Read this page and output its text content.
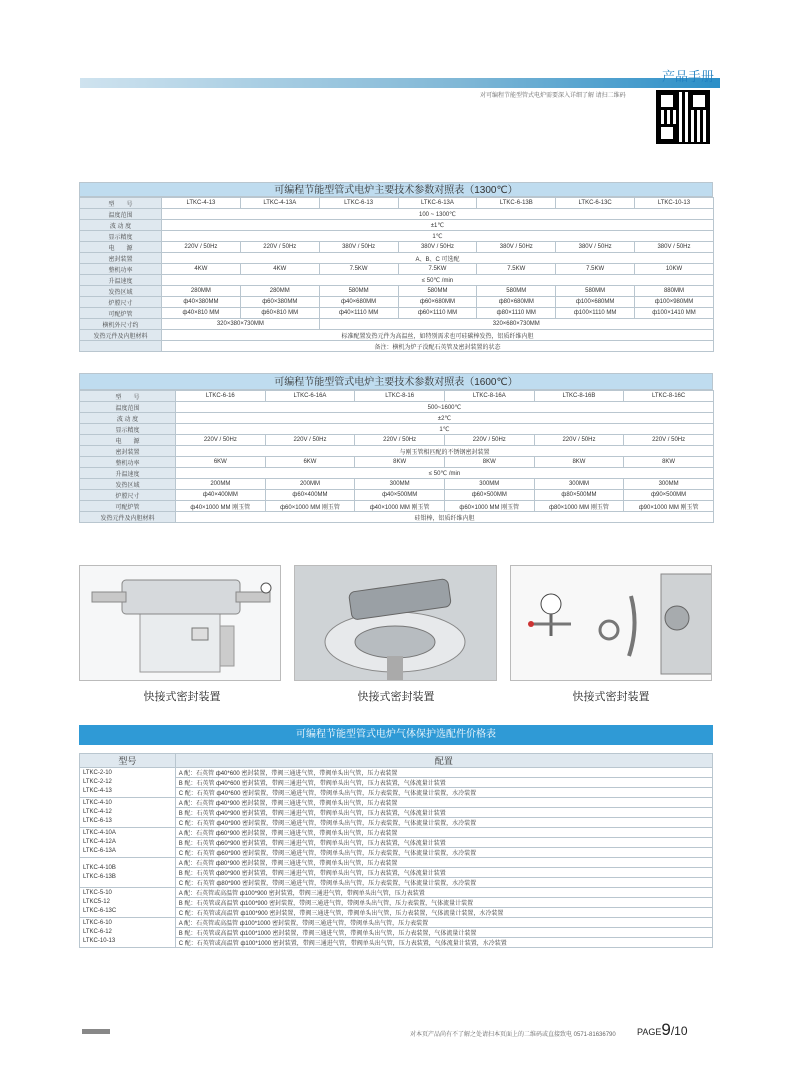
产品手册
对可编程节能型管式电炉需要深入详细了解 请扫二维码
可编程节能型管式电炉主要技术参数对照表（1300℃）
型　　号	LTKC-4-13	LTKC-4-13A	LTKC-6-13	LTKC-6-13A	LTKC-6-13B	LTKC-6-13C	LTKC-10-13
温度范围	100 ~ 1300℃						
波 动 度	±1℃						
显示精度	1℃						
电　　源	220V / 50Hz	220V / 50Hz	380V / 50Hz	380V / 50Hz	380V / 50Hz	380V / 50Hz	380V / 50Hz
密封装置	A、B、C 可选配						
整机功率	4KW	4KW	7.5KW	7.5KW	7.5KW	7.5KW	10KW
升温速度	≤ 50℃ /min						
发热区域	280MM	280MM	580MM	580MM	580MM	580MM	880MM
炉膛尺寸	ф40×380MM	ф60×380MM	ф40×680MM	ф60×680MM	ф80×680MM	ф100×680MM	ф100×980MM
可配炉管	ф40×810 MM	ф60×810 MM	ф40×1110 MM	ф60×1110 MM	ф80×1110 MM	ф100×1110 MM	ф100×1410 MM
横机外尺寸约	320×380×730MM		320×680×730MM				
发热元件及内胆材料	标准配置发热元件为高温丝，如特别需求也可硅碳棒发热，铝质纤维内胆						
	备注：横机为炉子没配石英管及密封装置的状态						
可编程节能型管式电炉主要技术参数对照表（1600℃）
型　　号	LTKC-6-16	LTKC-6-16A	LTKC-8-16	LTKC-8-16A	LTKC-8-16B	LTKC-8-16C
温度范围	500~1600℃					
波 动 度	±2℃					
显示精度	1℃					
电　　源	220V / 50Hz	220V / 50Hz	220V / 50Hz	220V / 50Hz	220V / 50Hz	220V / 50Hz
密封装置	与刚玉管相匹配的不锈钢密封装置					
整机功率	6KW	6KW	8KW	8KW	8KW	8KW
升温速度	≤ 50℃ /min					
发热区域	200MM	200MM	300MM	300MM	300MM	300MM
炉膛尺寸	ф40×400MM	ф60×400MM	ф40×500MM	ф60×500MM	ф80×500MM	ф90×500MM
可配炉管	ф40×1000 MM 刚玉管	ф60×1000 MM 刚玉管	ф40×1000 MM 刚玉管	ф60×1000 MM 刚玉管	ф80×1000 MM 刚玉管	ф90×1000 MM 刚玉管
发热元件及内胆材料	硅钼棒，铝质纤维内胆					
快接式密封装置	快接式密封装置	快接式密封装置
可编程节能型管式电炉气体保护选配件价格表
型号	配置

LTKC-2-10
LTKC-2-12
LTKC-4-13	A 配：石英管 ф40*600 密封装置，带阀三通进气管，带阀单头出气管，压力表装置
	B 配：石英管 ф40*600 密封装置，带阀三通进气管，带阀单头出气管，压力表装置，气体流量计装置
	C 配：石英管 ф40*600 密封装置，带阀三通进气管，带阀单头出气管，压力表装置，气体流量计装置，水冷装置

LTKC-4-10
LTKC-4-12
LTKC-6-13	A 配：石英管 ф40*900 密封装置，带阀三通进气管，带阀单头出气管，压力表装置
	B 配：石英管 ф40*900 密封装置，带阀三通进气管，带阀单头出气管，压力表装置，气体流量计装置
	C 配：石英管 ф40*900 密封装置，带阀三通进气管，带阀单头出气管，压力表装置，气体流量计装置，水冷装置

LTKC-4-10A
LTKC-4-12A
LTKC-6-13A	A 配：石英管 ф60*900 密封装置，带阀三通进气管，带阀单头出气管，压力表装置
	B 配：石英管 ф60*900 密封装置，带阀三通进气管，带阀单头出气管，压力表装置，气体流量计装置
	C 配：石英管 ф60*900 密封装置，带阀三通进气管，带阀单头出气管，压力表装置，气体流量计装置，水冷装置

LTKC-4-10B
LTKC-6-13B	A 配：石英管 ф80*900 密封装置，带阀三通进气管，带阀单头出气管，压力表装置
	B 配：石英管 ф80*900 密封装置，带阀三通进气管，带阀单头出气管，压力表装置，气体流量计装置
	C 配：石英管 ф80*900 密封装置，带阀三通进气管，带阀单头出气管，压力表装置，气体流量计装置，水冷装置

LTKC-5-10
LTKC5-12
LTKC-6-13C	A 配：石英管或高温管 ф100*900 密封装置，带阀三通进气管，带阀单头出气管，压力表装置
	B 配：石英管或高温管 ф100*900 密封装置，带阀三通进气管，带阀单头出气管，压力表装置，气体流量计装置
	C 配：石英管或高温管 ф100*900 密封装置，带阀三通进气管，带阀单头出气管，压力表装置，气体流量计装置，水冷装置

LTKC-6-10
LTKC-6-12
LTKC-10-13	A 配：石英管或高温管 ф100*1000 密封装置，带阀三通进气管，带阀单头出气管，压力表装置
	B 配：石英管或高温管 ф100*1000 密封装置，带阀三通进气管，带阀单头出气管，压力表装置，气体流量计装置
	C 配：石英管或高温管 ф100*1000 密封装置，带阀三通进气管，带阀单头出气管，压力表装置，气体流量计装置，水冷装置
对本页产品尚有不了解之处请扫本页面上的二维码或直接致电 0571-81636790 PAGE9/10
